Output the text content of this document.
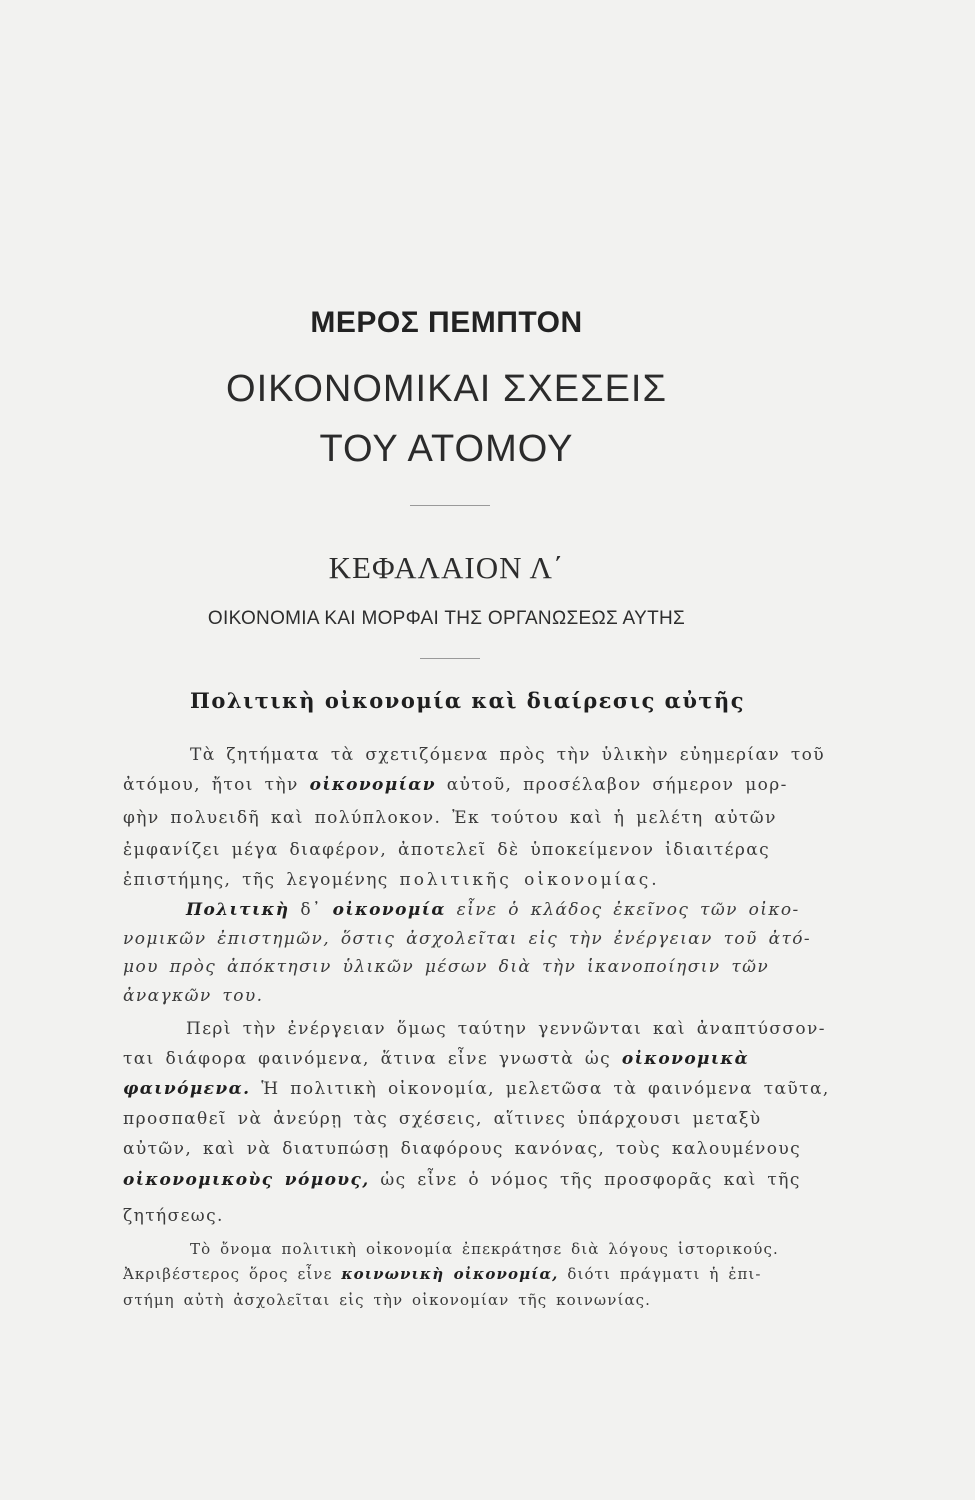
ΜΕΡΟΣ ΠΕΜΠΤΟΝ
ΟΙΚΟΝΟΜΙΚΑΙ ΣΧΕΣΕΙΣ
ΤΟΥ ΑΤΟΜΟΥ
ΚΕΦΑΛΑΙΟΝ Λ΄
ΟΙΚΟΝΟΜΙΑ ΚΑΙ ΜΟΡΦΑΙ ΤΗΣ ΟΡΓΑΝΩΣΕΩΣ ΑΥΤΗΣ
Πολιτικὴ οἰκονομία καὶ διαίρεσις αὐτῆς
Τὰ ζητήματα τὰ σχετιζόμενα πρὸς τὴν ὑλικὴν εὐημερίαν τοῦ
ἀτόμου, ἤτοι τὴν οἰκονομίαν αὐτοῦ, προσέλαβον σήμερον μορ-
φὴν πολυειδῆ καὶ πολύπλοκον. Ἐκ τούτου καὶ ἡ μελέτη αὐτῶν
ἐμφανίζει μέγα διαφέρον, ἀποτελεῖ δὲ ὑποκείμενον ἰδιαιτέρας
ἐπιστήμης, τῆς λεγομένης πολιτικῆς οἰκονομίας.
Πολιτικὴ δ᾽ οἰκονομία εἶνε ὁ κλάδος ἐκεῖνος τῶν οἰκο-
νομικῶν ἐπιστημῶν, ὅστις ἀσχολεῖται εἰς τὴν ἐνέργειαν τοῦ ἀτό-
μου πρὸς ἀπόκτησιν ὑλικῶν μέσων διὰ τὴν ἱκανοποίησιν τῶν
ἀναγκῶν του.
Περὶ τὴν ἐνέργειαν ὅμως ταύτην γεννῶνται καὶ ἀναπτύσσον-
ται διάφορα φαινόμενα, ἅτινα εἶνε γνωστὰ ὡς οἰκονομικὰ
φαινόμενα. Ἡ πολιτικὴ οἰκονομία, μελετῶσα τὰ φαινόμενα ταῦτα,
προσπαθεῖ νὰ ἀνεύρῃ τὰς σχέσεις, αἵτινες ὑπάρχουσι μεταξὺ
αὐτῶν, καὶ νὰ διατυπώσῃ διαφόρους κανόνας, τοὺς καλουμένους
οἰκονομικοὺς νόμους, ὡς εἶνε ὁ νόμος τῆς προσφορᾶς καὶ τῆς
ζητήσεως.
Τὸ ὄνομα πολιτικὴ οἰκονομία ἐπεκράτησε διὰ λόγους ἱστορικούς.
Ἀκριβέστερος ὅρος εἶνε κοινωνικὴ οἰκονομία, διότι πράγματι ἡ ἐπι-
στήμη αὐτὴ ἀσχολεῖται εἰς τὴν οἰκονομίαν τῆς κοινωνίας.
